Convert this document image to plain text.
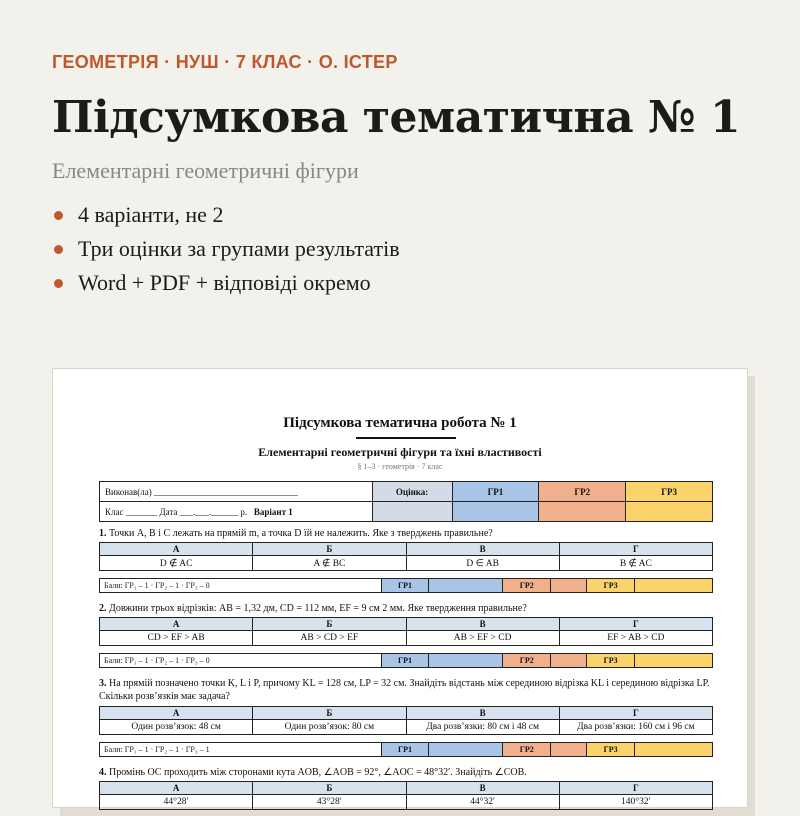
ГЕОМЕТРІЯ · НУШ · 7 КЛАС · О. ІСТЕР
Підсумкова тематична № 1
Елементарні геометричні фігури
4 варіанти, не 2
Три оцінки за групами результатів
Word + PDF + відповіді окремо
Підсумкова тематична робота № 1
Елементарні геометричні фігури та їхні властивості
§ 1–3 · геометрія · 7 клас
Виконав(ла) ________________________________	Оцінка:	ГР1	ГР2	ГР3
Клас _______ Дата ___.___.______ р. Варіант 1				
1. Точки A, B і C лежать на прямій m, а точка D їй не належить. Яке з тверджень правильне?
А	Б	В	Г
D ∉ AC	A ∉ BC	D ∈ AB	B ∉ AC
Бали: ГР₁ – 1 · ГР₂ – 1 · ГР₃ – 0	ГР1		ГР2		ГР3	
2. Довжини трьох відрізків: AB = 1,32 дм, CD = 112 мм, EF = 9 см 2 мм. Яке твердження правильне?
А	Б	В	Г
CD > EF > AB	AB > CD > EF	AB > EF > CD	EF > AB > CD
Бали: ГР₁ – 1 · ГР₂ – 1 · ГР₃ – 0	ГР1		ГР2		ГР3	
3. На прямій позначено точки K, L і P, причому KL = 128 см, LP = 32 см. Знайдіть відстань між серединою відрізка KL і серединою відрізка LP. Скільки розв’язків має задача?
А	Б	В	Г
Один розв’язок: 48 см	Один розв’язок: 80 см	Два розв’язки: 80 см і 48 см	Два розв’язки: 160 см і 96 см
Бали: ГР₁ – 1 · ГР₂ – 1 · ГР₃ – 1	ГР1		ГР2		ГР3	
4. Промінь OC проходить між сторонами кута AOB, ∠AOB = 92°, ∠AOC = 48°32′. Знайдіть ∠COB.
А	Б	В	Г
44°28′	43°28′	44°32′	140°32′
